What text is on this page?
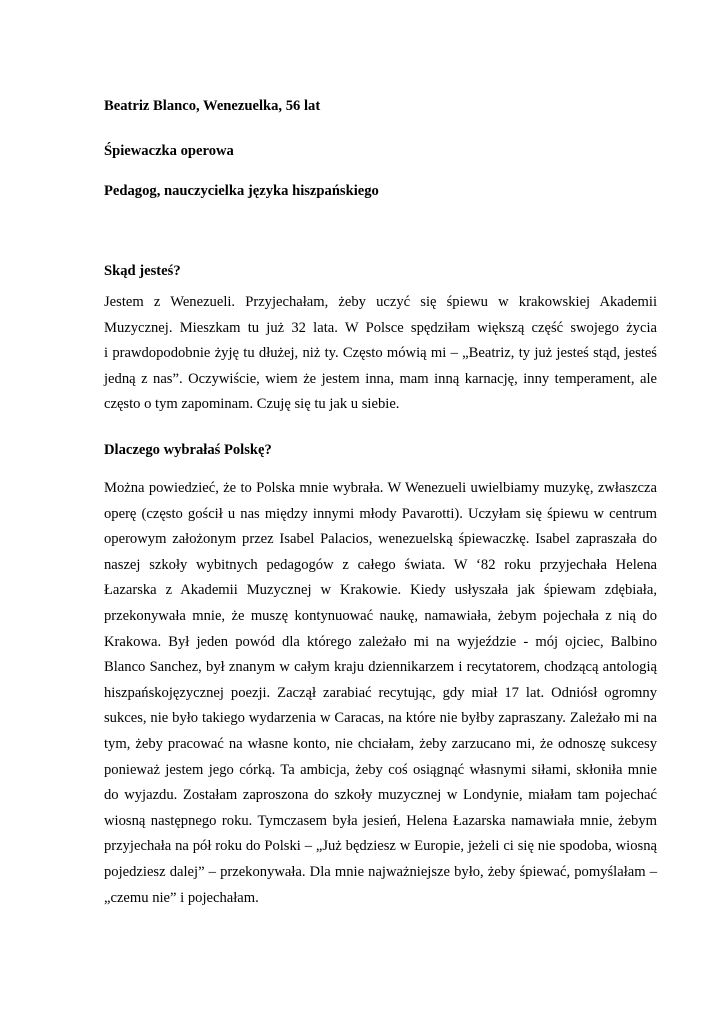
Beatriz Blanco, Wenezuelka, 56 lat

Śpiewaczka operowa

Pedagog, nauczycielka języka hiszpańskiego

Skąd jesteś?

Jestem z Wenezueli. Przyjechałam, żeby uczyć się śpiewu w krakowskiej Akademii
Muzycznej. Mieszkam tu już 32 lata. W Polsce spędziłam większą część swojego życia
i prawdopodobnie żyję tu dłużej, niż ty. Często mówią mi – „Beatriz, ty już jesteś stąd, jesteś
jedną z nas”. Oczywiście, wiem że jestem inna, mam inną karnację, inny temperament, ale
często o tym zapominam. Czuję się tu jak u siebie.

Dlaczego wybrałaś Polskę?

Można powiedzieć, że to Polska mnie wybrała. W Wenezueli uwielbiamy muzykę, zwłaszcza
operę (często gościł u nas między innymi młody Pavarotti). Uczyłam się śpiewu w centrum
operowym założonym przez Isabel Palacios, wenezuelską śpiewaczkę. Isabel zapraszała do
naszej szkoły wybitnych pedagogów z całego świata. W ‘82 roku przyjechała Helena
Łazarska z Akademii Muzycznej w Krakowie. Kiedy usłyszała jak śpiewam zdębiała,
przekonywała mnie, że muszę kontynuować naukę, namawiała, żebym pojechała z nią do
Krakowa. Był jeden powód dla którego zależało mi na wyjeździe - mój ojciec, Balbino
Blanco Sanchez, był znanym w całym kraju dziennikarzem i recytatorem, chodzącą antologią
hiszpańskojęzycznej poezji. Zaczął zarabiać recytując, gdy miał 17 lat. Odniósł ogromny
sukces, nie było takiego wydarzenia w Caracas, na które nie byłby zapraszany. Zależało mi na
tym, żeby pracować na własne konto, nie chciałam, żeby zarzucano mi, że odnoszę sukcesy
ponieważ jestem jego córką. Ta ambicja, żeby coś osiągnąć własnymi siłami, skłoniła mnie
do wyjazdu. Zostałam zaproszona do szkoły muzycznej w Londynie, miałam tam pojechać
wiosną następnego roku. Tymczasem była jesień, Helena Łazarska namawiała mnie, żebym
przyjechała na pół roku do Polski – „Już będziesz w Europie, jeżeli ci się nie spodoba, wiosną
pojedziesz dalej” – przekonywała. Dla mnie najważniejsze było, żeby śpiewać, pomyślałam –
„czemu nie” i pojechałam.
